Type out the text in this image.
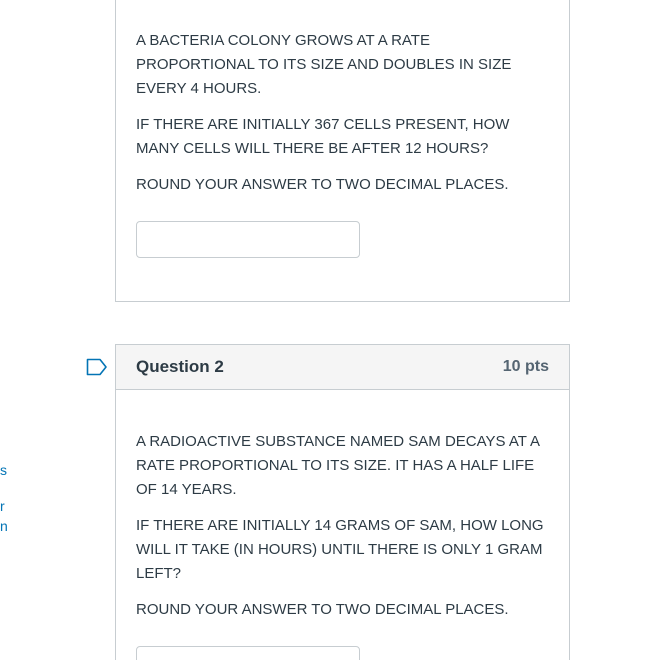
s
r
n

A BACTERIA COLONY GROWS AT A RATE PROPORTIONAL TO ITS SIZE AND DOUBLES IN SIZE EVERY 4 HOURS.

IF THERE ARE INITIALLY 367 CELLS PRESENT, HOW MANY CELLS WILL THERE BE AFTER 12 HOURS?

ROUND YOUR ANSWER TO TWO DECIMAL PLACES.

Question 2	10 pts

A RADIOACTIVE SUBSTANCE NAMED SAM DECAYS AT A RATE PROPORTIONAL TO ITS SIZE. IT HAS A HALF LIFE OF 14 YEARS.

IF THERE ARE INITIALLY 14 GRAMS OF SAM, HOW LONG WILL IT TAKE (IN HOURS) UNTIL THERE IS ONLY 1 GRAM LEFT?

ROUND YOUR ANSWER TO TWO DECIMAL PLACES.
